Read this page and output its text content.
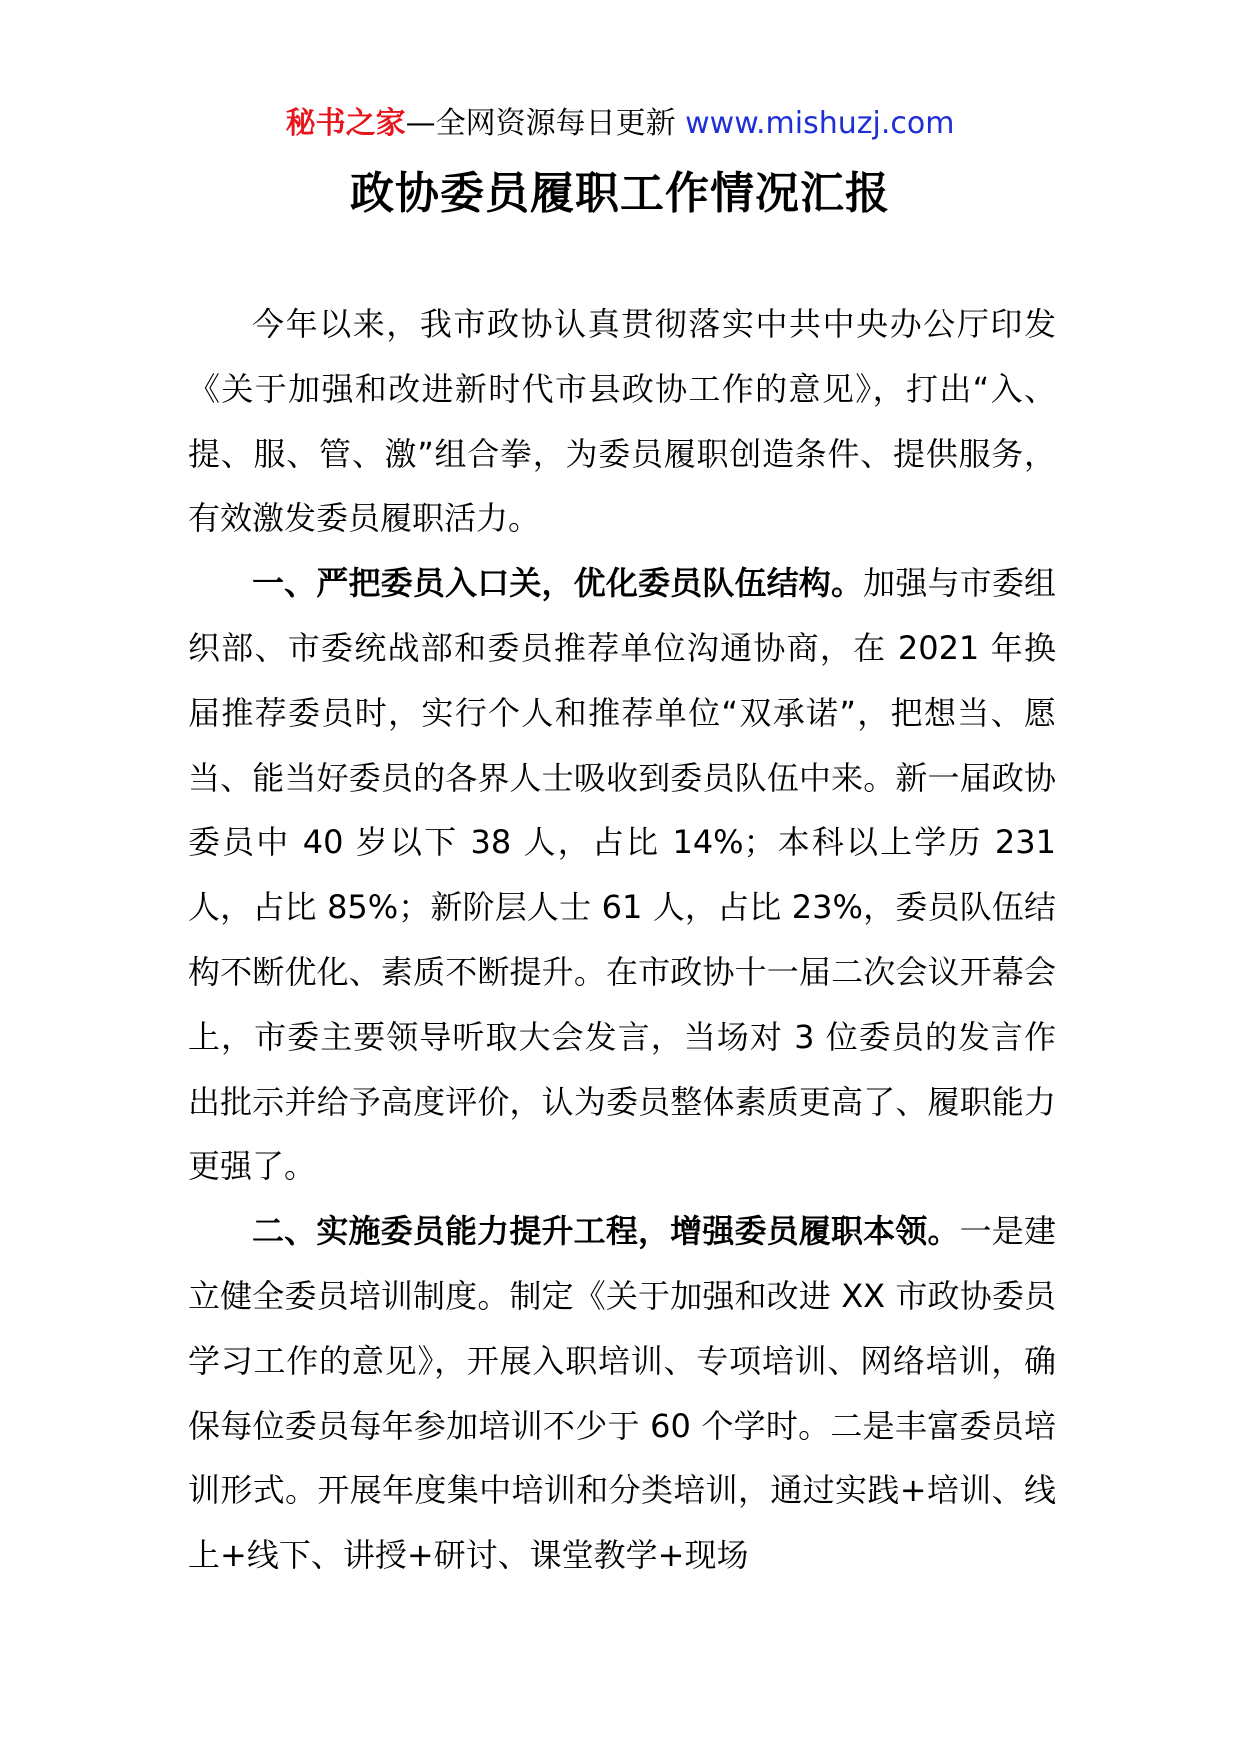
秘书之家—全网资源每日更新 www.mishuzj.com
政协委员履职工作情况汇报

今年以来，我市政协认真贯彻落实中共中央办公厅印发《关于加强和改进新时代市县政协工作的意见》，打出“入、提、服、管、激”组合拳，为委员履职创造条件、提供服务，有效激发委员履职活力。

一、严把委员入口关，优化委员队伍结构。加强与市委组织部、市委统战部和委员推荐单位沟通协商，在 2021 年换届推荐委员时，实行个人和推荐单位“双承诺”，把想当、愿当、能当好委员的各界人士吸收到委员队伍中来。新一届政协委员中 40 岁以下 38 人，占比 14%；本科以上学历 231 人，占比 85%；新阶层人士 61 人，占比 23%，委员队伍结构不断优化、素质不断提升。在市政协十一届二次会议开幕会上，市委主要领导听取大会发言，当场对 3 位委员的发言作出批示并给予高度评价，认为委员整体素质更高了、履职能力更强了。

二、实施委员能力提升工程，增强委员履职本领。一是建立健全委员培训制度。制定《关于加强和改进 XX 市政协委员学习工作的意见》，开展入职培训、专项培训、网络培训，确保每位委员每年参加培训不少于 60 个学时。二是丰富委员培训形式。开展年度集中培训和分类培训，通过实践+培训、线上+线下、讲授+研讨、课堂教学+现场
